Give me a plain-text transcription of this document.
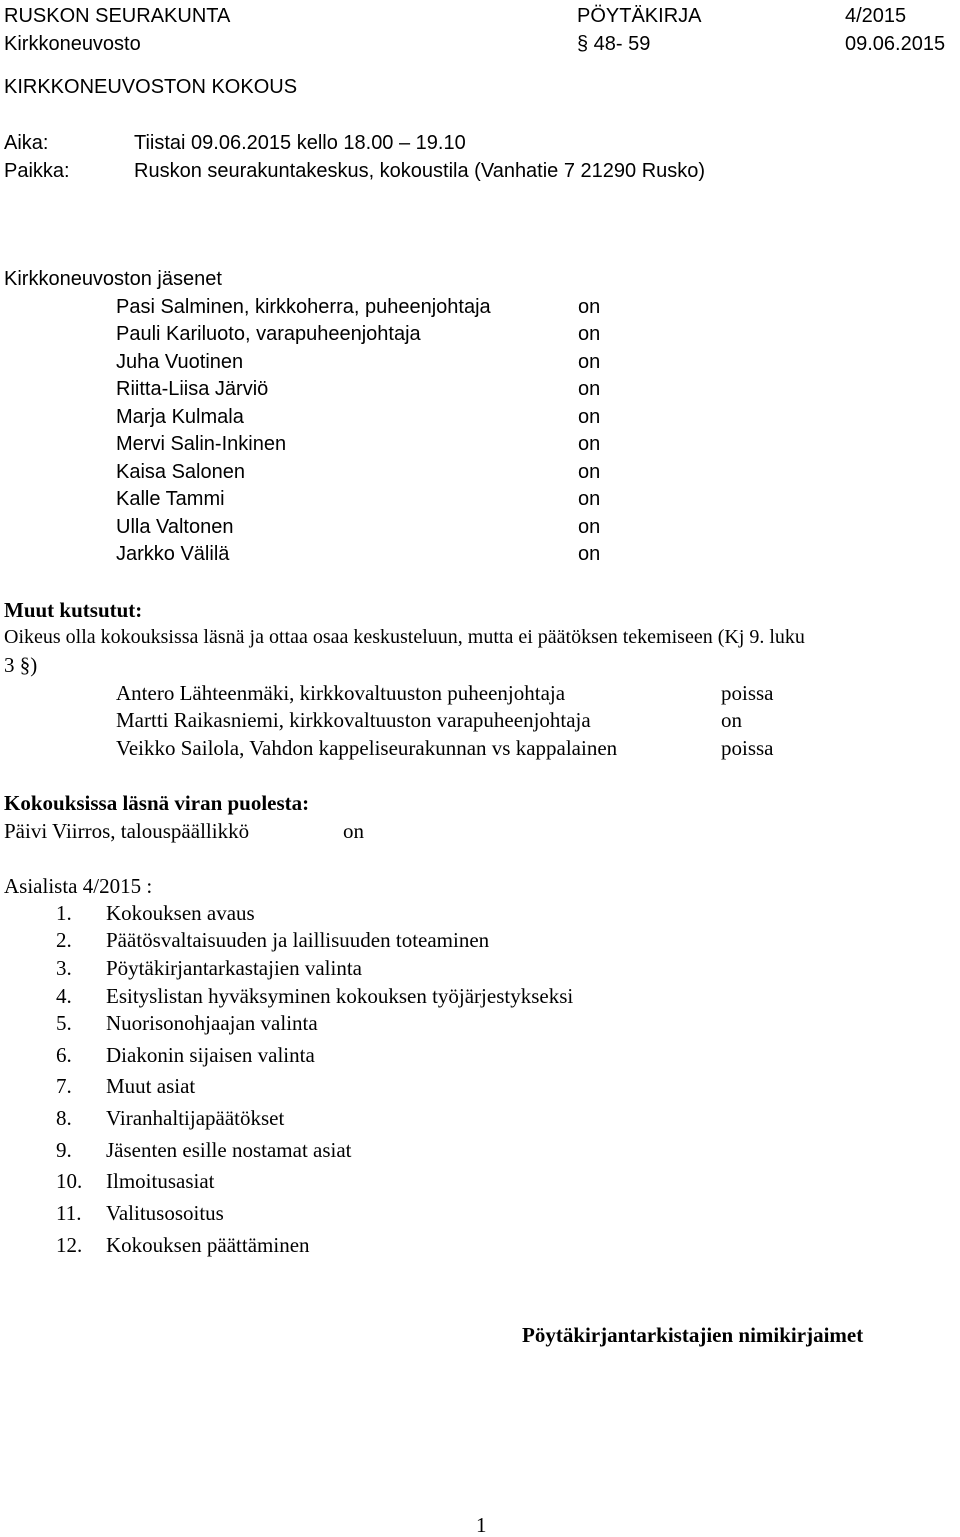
RUSKON SEURAKUNTA	PÖYTÄKIRJA	4/2015
Kirkkoneuvosto	§ 48- 59	09.06.2015
KIRKKONEUVOSTON KOKOUS
Aika:	Tiistai 09.06.2015 kello 18.00 – 19.10
Paikka:	Ruskon seurakuntakeskus, kokoustila (Vanhatie 7 21290 Rusko)
Kirkkoneuvoston jäsenet
Pasi Salminen, kirkkoherra, puheenjohtaja	on
Pauli Kariluoto, varapuheenjohtaja	on
Juha Vuotinen	on
Riitta-Liisa Järviö	on
Marja Kulmala	on
Mervi Salin-Inkinen	on
Kaisa Salonen	on
Kalle Tammi	on
Ulla Valtonen	on
Jarkko Välilä	on
Muut kutsutut:
Oikeus olla kokouksissa läsnä ja ottaa osaa keskusteluun, mutta ei päätöksen tekemiseen (Kj 9. luku
3 §)
Antero Lähteenmäki, kirkkovaltuuston puheenjohtaja	poissa
Martti Raikasniemi, kirkkovaltuuston varapuheenjohtaja	on
Veikko Sailola, Vahdon kappeliseurakunnan vs kappalainen	poissa
Kokouksissa läsnä viran puolesta:
Päivi Viirros, talouspäällikkö	on
Asialista 4/2015 :
1. Kokouksen avaus
2. Päätösvaltaisuuden ja laillisuuden toteaminen
3. Pöytäkirjantarkastajien valinta
4. Esityslistan hyväksyminen kokouksen työjärjestykseksi
5. Nuorisonohjaajan valinta
6. Diakonin sijaisen valinta
7. Muut asiat
8. Viranhaltijapäätökset
9. Jäsenten esille nostamat asiat
10. Ilmoitusasiat
11. Valitusosoitus
12. Kokouksen päättäminen
Pöytäkirjantarkistajien nimikirjaimet
1
